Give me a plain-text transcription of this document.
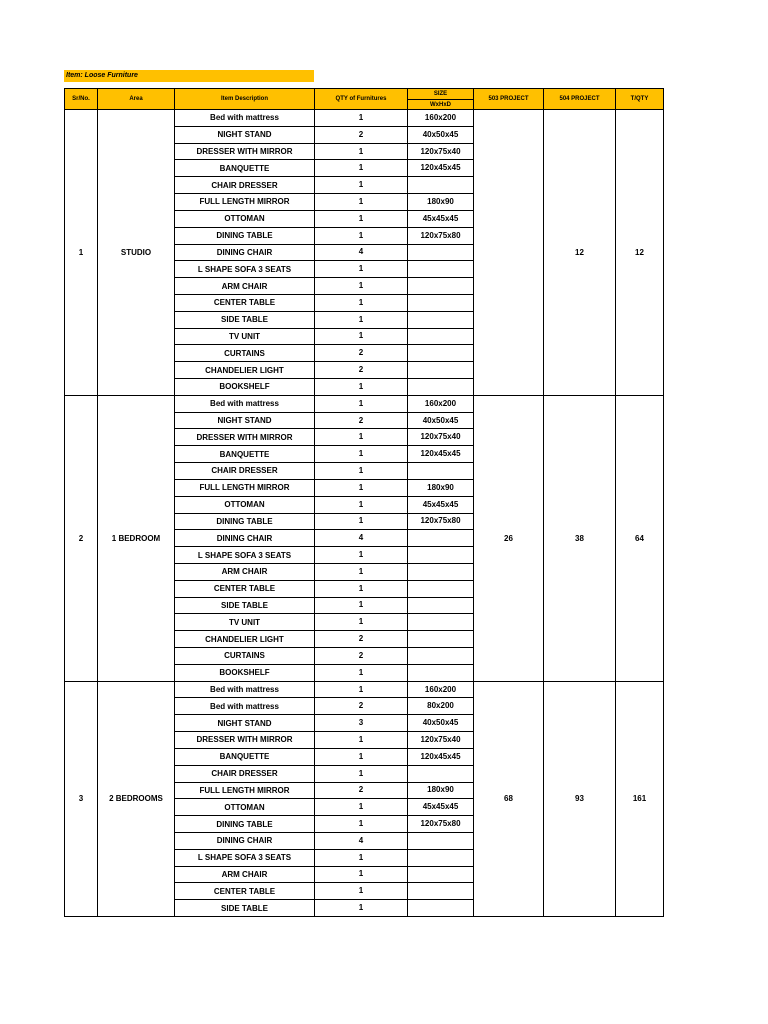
Item: Loose Furniture
Sr/No.	Area	Item Description	QTY of Furnitures	SIZE	503 PROJECT	504 PROJECT	T/QTY
				WxHxD			
1	STUDIO	Bed with mattress	1	160x200		12	12
		NIGHT STAND	2	40x50x45			
		DRESSER WITH MIRROR	1	120x75x40			
		BANQUETTE	1	120x45x45			
		CHAIR DRESSER	1				
		FULL LENGTH MIRROR	1	180x90			
		OTTOMAN	1	45x45x45			
		DINING TABLE	1	120x75x80			
		DINING CHAIR	4				
		L SHAPE SOFA 3 SEATS	1				
		ARM CHAIR	1				
		CENTER TABLE	1				
		SIDE TABLE	1				
		TV UNIT	1				
		CURTAINS	2				
		CHANDELIER LIGHT	2				
		BOOKSHELF	1				
2	1 BEDROOM	Bed with mattress	1	160x200	26	38	64
		NIGHT STAND	2	40x50x45			
		DRESSER WITH MIRROR	1	120x75x40			
		BANQUETTE	1	120x45x45			
		CHAIR DRESSER	1				
		FULL LENGTH MIRROR	1	180x90			
		OTTOMAN	1	45x45x45			
		DINING TABLE	1	120x75x80			
		DINING CHAIR	4				
		L SHAPE SOFA 3 SEATS	1				
		ARM CHAIR	1				
		CENTER TABLE	1				
		SIDE TABLE	1				
		TV UNIT	1				
		CHANDELIER LIGHT	2				
		CURTAINS	2				
		BOOKSHELF	1				
3	2 BEDROOMS	Bed with mattress	1	160x200	68	93	161
		Bed with mattress	2	80x200			
		NIGHT STAND	3	40x50x45			
		DRESSER WITH MIRROR	1	120x75x40			
		BANQUETTE	1	120x45x45			
		CHAIR DRESSER	1				
		FULL LENGTH MIRROR	2	180x90			
		OTTOMAN	1	45x45x45			
		DINING TABLE	1	120x75x80			
		DINING CHAIR	4				
		L SHAPE SOFA 3 SEATS	1				
		ARM CHAIR	1				
		CENTER TABLE	1				
		SIDE TABLE	1				
